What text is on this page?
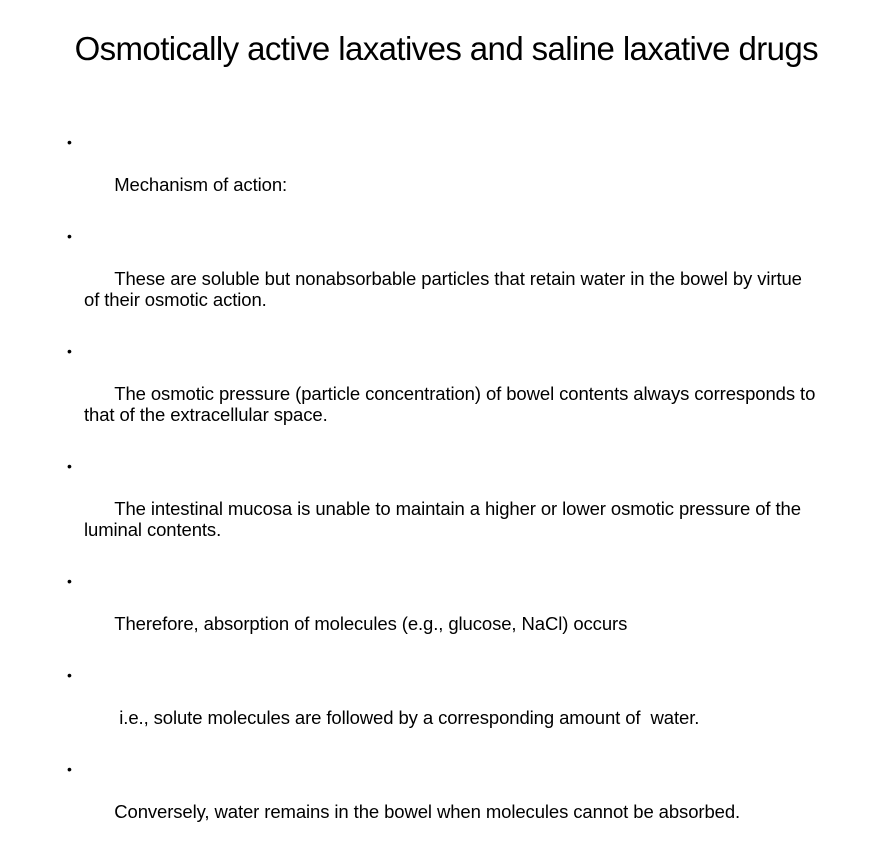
Osmotically active laxatives and saline laxative drugs

•

Mechanism of action:

•

These are soluble but nonabsorbable particles that retain water in the bowel by virtue of their osmotic action.

•

The osmotic pressure (particle concentration) of bowel contents always corresponds to that of the extracellular space.

•

The intestinal mucosa is unable to maintain a higher or lower osmotic pressure of the luminal contents.

•

Therefore, absorption of molecules (e.g., glucose, NaCl) occurs

•

i.e., solute molecules are followed by a corresponding amount of  water.

•

Conversely, water remains in the bowel when molecules cannot be absorbed.
